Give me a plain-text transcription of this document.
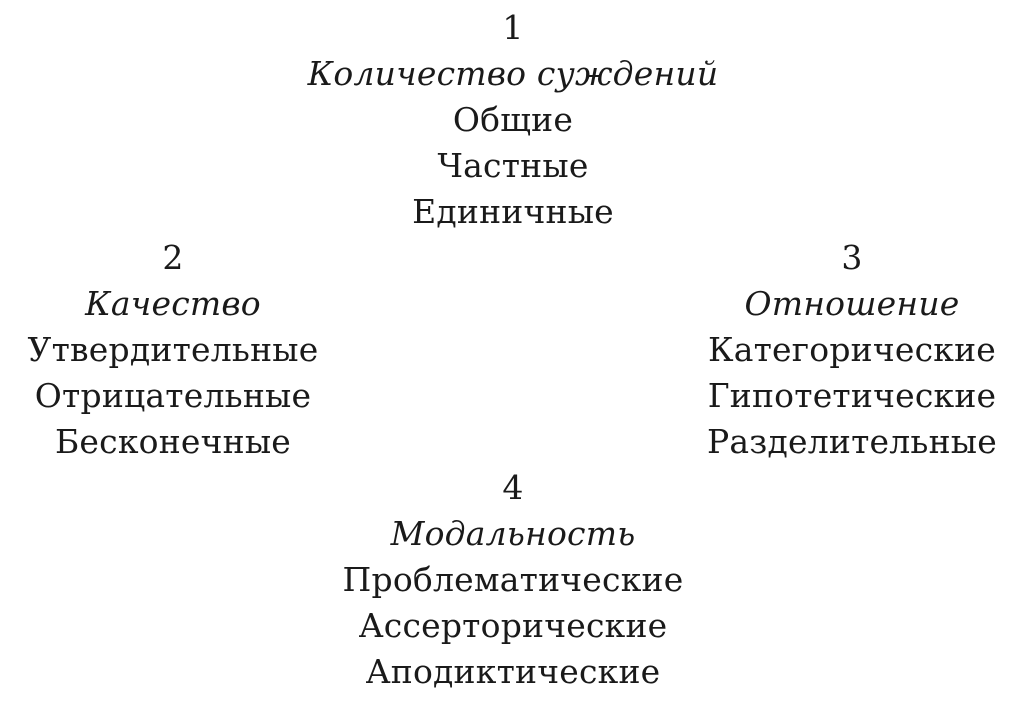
1
Количество суждений
Общие
Частные
Единичные
2
Качество
Утвердительные
Отрицательные
Бесконечные
3
Отношение
Категорические
Гипотетические
Разделительные
4
Модальность
Проблематические
Ассерторические
Аподиктические
